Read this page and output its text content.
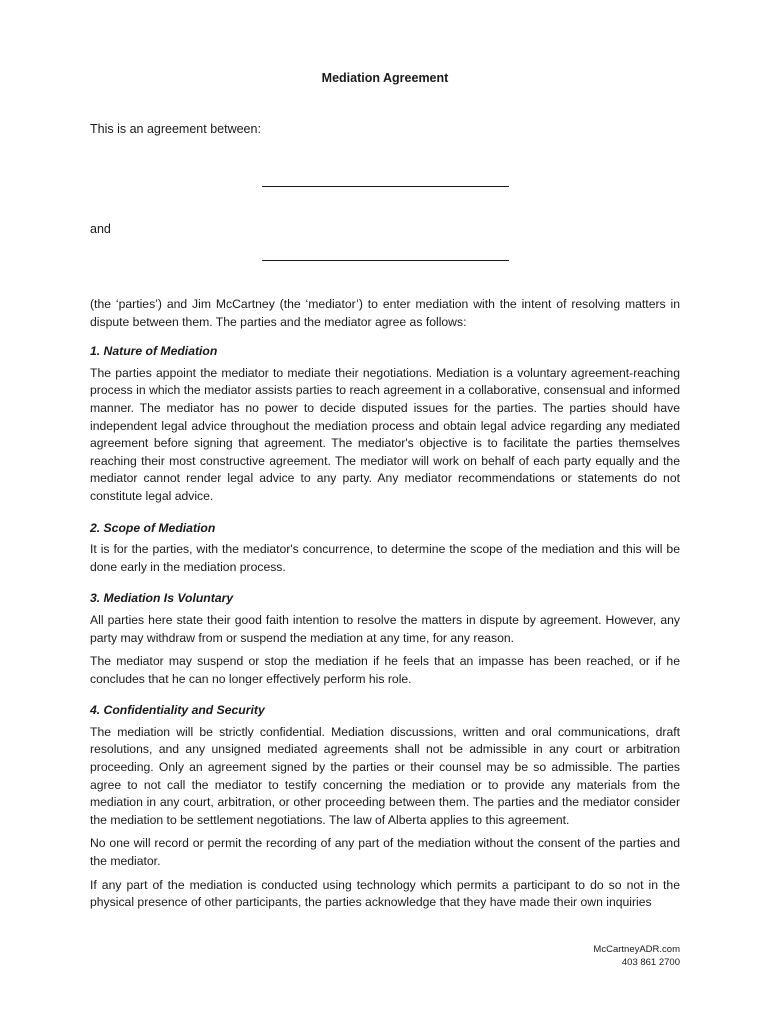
Mediation Agreement
This is an agreement between:
and

(the ‘parties’) and Jim McCartney (the ‘mediator’) to enter mediation with the intent of resolving matters in dispute between them. The parties and the mediator agree as follows:

1. Nature of Mediation

The parties appoint the mediator to mediate their negotiations. Mediation is a voluntary agreement-reaching process in which the mediator assists parties to reach agreement in a collaborative, consensual and informed manner. The mediator has no power to decide disputed issues for the parties. The parties should have independent legal advice throughout the mediation process and obtain legal advice regarding any mediated agreement before signing that agreement. The mediator's objective is to facilitate the parties themselves reaching their most constructive agreement. The mediator will work on behalf of each party equally and the mediator cannot render legal advice to any party. Any mediator recommendations or statements do not constitute legal advice.

2. Scope of Mediation

It is for the parties, with the mediator's concurrence, to determine the scope of the mediation and this will be done early in the mediation process.

3. Mediation Is Voluntary

All parties here state their good faith intention to resolve the matters in dispute by agreement. However, any party may withdraw from or suspend the mediation at any time, for any reason.

The mediator may suspend or stop the mediation if he feels that an impasse has been reached, or if he concludes that he can no longer effectively perform his role.

4. Confidentiality and Security

The mediation will be strictly confidential. Mediation discussions, written and oral communications, draft resolutions, and any unsigned mediated agreements shall not be admissible in any court or arbitration proceeding. Only an agreement signed by the parties or their counsel may be so admissible. The parties agree to not call the mediator to testify concerning the mediation or to provide any materials from the mediation in any court, arbitration, or other proceeding between them. The parties and the mediator consider the mediation to be settlement negotiations. The law of Alberta applies to this agreement.

No one will record or permit the recording of any part of the mediation without the consent of the parties and the mediator.

If any part of the mediation is conducted using technology which permits a participant to do so not in the physical presence of other participants, the parties acknowledge that they have made their own inquiries

McCartneyADR.com
403 861 2700
